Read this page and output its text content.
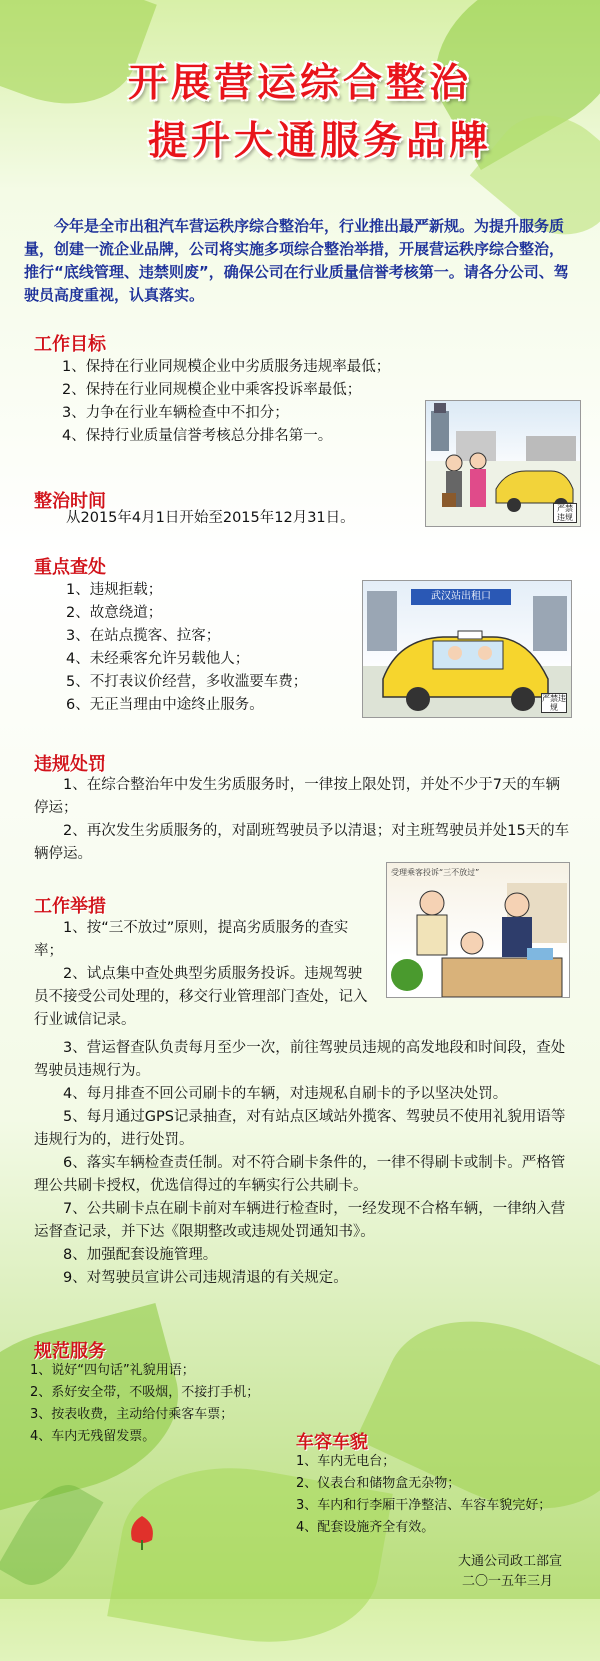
开展营运综合整治
提升大通服务品牌
今年是全市出租汽车营运秩序综合整治年，行业推出最严新规。为提升服务质量，创建一流企业品牌，公司将实施多项综合整治举措，开展营运秩序综合整治，推行“底线管理、违禁则废”，确保公司在行业质量信誉考核第一。请各分公司、驾驶员高度重视，认真落实。
工作目标
1、保持在行业同规模企业中劣质服务违规率最低；
2、保持在行业同规模企业中乘客投诉率最低；
3、力争在行业车辆检查中不扣分；
4、保持行业质量信誉考核总分排名第一。
严禁违规
整治时间
从2015年4月1日开始至2015年12月31日。
重点查处
1、违规拒载；
2、故意绕道；
3、在站点揽客、拉客；
4、未经乘客允许另载他人；
5、不打表议价经营，多收滥要车费；
6、无正当理由中途终止服务。
武汉站出租口
严禁违规
违规处罚
1、在综合整治年中发生劣质服务时，一律按上限处罚，并处不少于7天的车辆停运；
2、再次发生劣质服务的，对副班驾驶员予以清退；对主班驾驶员并处15天的车辆停运。
受理乘客投诉“三不放过”
工作举措
1、按“三不放过”原则，提高劣质服务的查实率；
2、试点集中查处典型劣质服务投诉。违规驾驶员不接受公司处理的，移交行业管理部门查处，记入行业诚信记录。
3、营运督查队负责每月至少一次，前往驾驶员违规的高发地段和时间段，查处驾驶员违规行为。
4、每月排查不回公司刷卡的车辆，对违规私自刷卡的予以坚决处罚。
5、每月通过GPS记录抽查，对有站点区域站外揽客、驾驶员不使用礼貌用语等违规行为的，进行处罚。
6、落实车辆检查责任制。对不符合刷卡条件的，一律不得刷卡或制卡。严格管理公共刷卡授权，优选信得过的车辆实行公共刷卡。
7、公共刷卡点在刷卡前对车辆进行检查时，一经发现不合格车辆，一律纳入营运督查记录，并下达《限期整改或违规处罚通知书》。
8、加强配套设施管理。
9、对驾驶员宣讲公司违规清退的有关规定。
规范服务
1、说好“四句话”礼貌用语；
2、系好安全带，不吸烟，不接打手机；
3、按表收费，主动给付乘客车票；
4、车内无残留发票。	车容车貌
1、车内无电台；
2、仪表台和储物盒无杂物；
3、车内和行李厢干净整洁、车容车貌完好；
4、配套设施齐全有效。
大通公司政工部宣
二〇一五年三月
